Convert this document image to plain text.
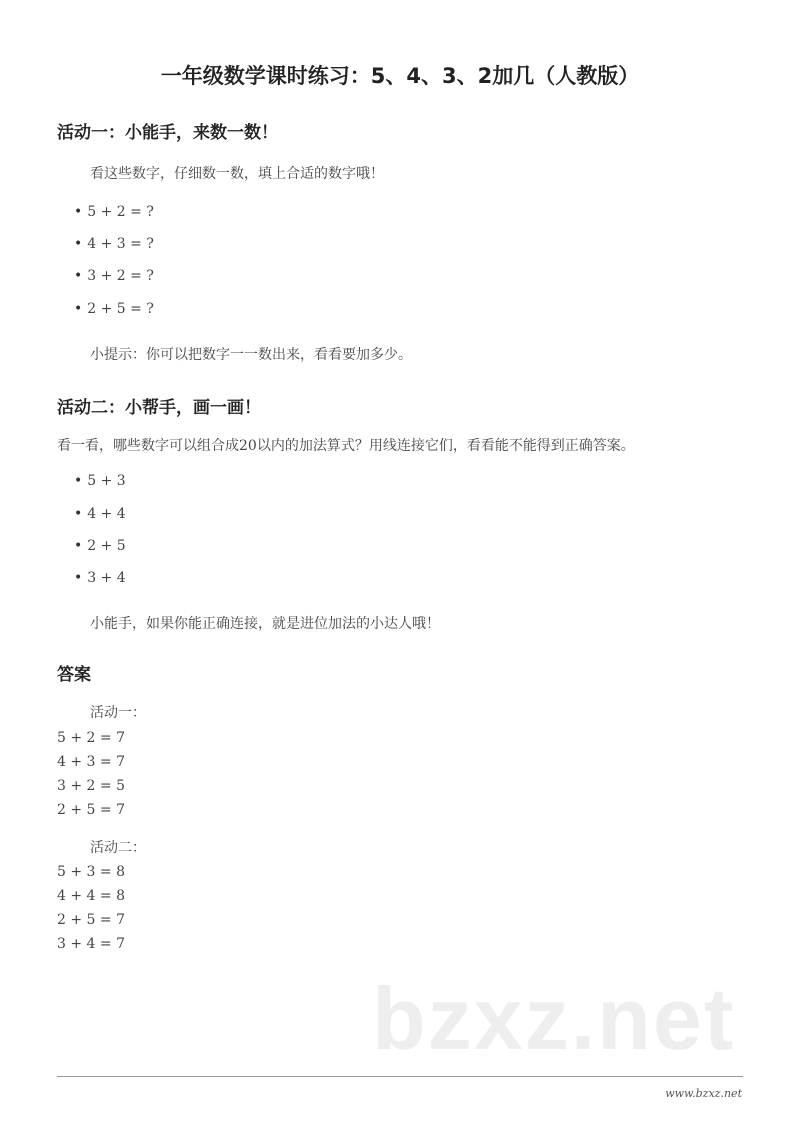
一年级数学课时练习：5、4、3、2加几（人教版）
活动一：小能手，来数一数！
看这些数字，仔细数一数，填上合适的数字哦！
• 5 + 2 = ?
• 4 + 3 = ?
• 3 + 2 = ?
• 2 + 5 = ?
小提示：你可以把数字一一数出来，看看要加多少。
活动二：小帮手，画一画！
看一看，哪些数字可以组合成20以内的加法算式？用线连接它们，看看能不能得到正确答案。
• 5 + 3
• 4 + 4
• 2 + 5
• 3 + 4
小能手，如果你能正确连接，就是进位加法的小达人哦！
答案
活动一：
5 + 2 = 7
4 + 3 = 7
3 + 2 = 5
2 + 5 = 7
活动二：
5 + 3 = 8
4 + 4 = 8
2 + 5 = 7
3 + 4 = 7
bzxz.net
www.bzxz.net
